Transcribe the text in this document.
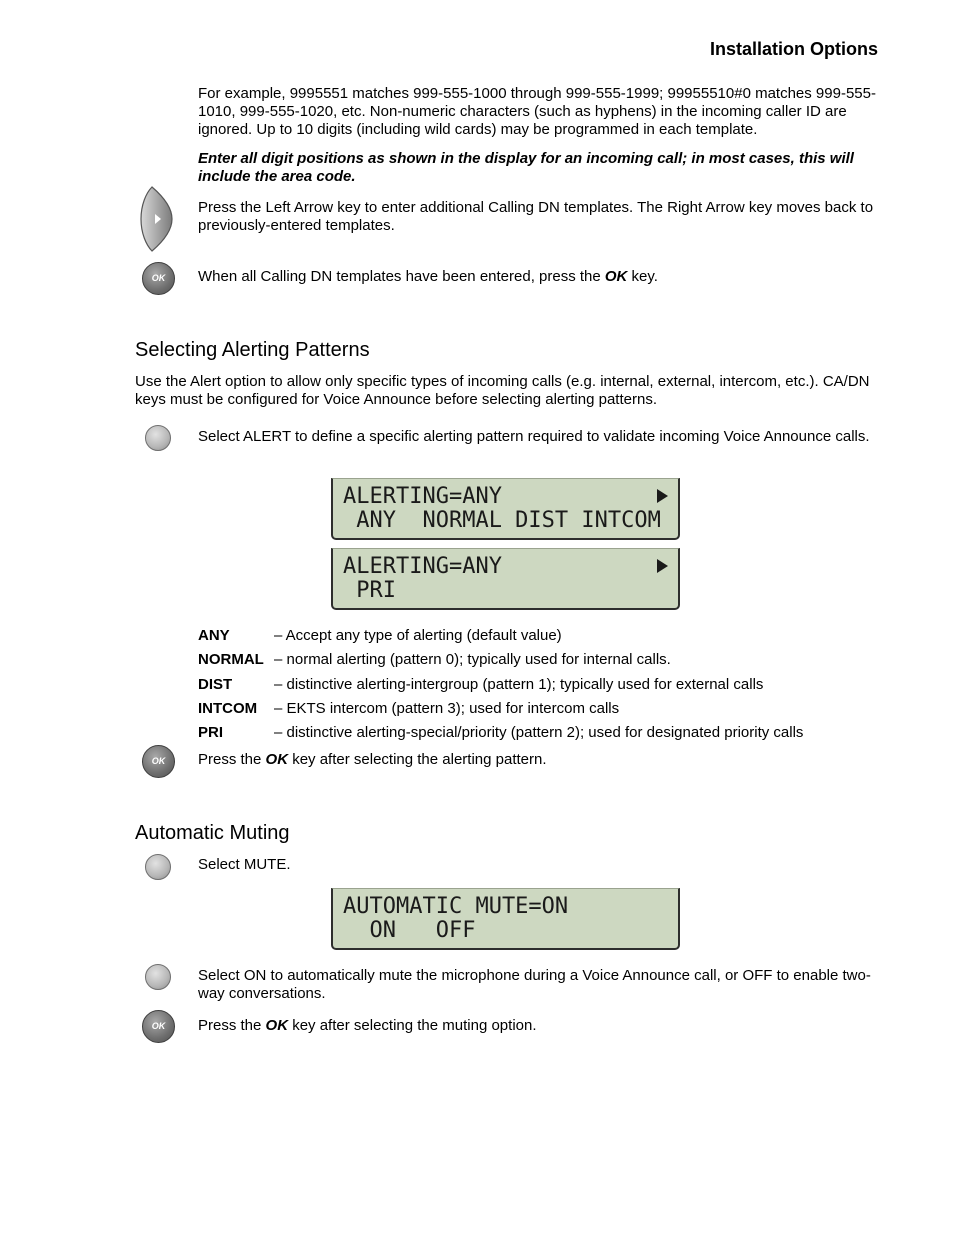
Installation Options
For example, 9995551 matches 999-555-1000 through 999-555-1999; 99955510#0 matches 999-555-1010, 999-555-1020, etc. Non-numeric characters (such as hyphens) in the incoming caller ID are ignored. Up to 10 digits (including wild cards) may be programmed in each template.
Enter all digit positions as shown in the display for an incoming call; in most cases, this will include the area code.
Press the Left Arrow key to enter additional Calling DN templates. The Right Arrow key moves back to previously-entered templates.
OK	When all Calling DN templates have been entered, press the OK key.
Selecting Alerting Patterns
Use the Alert option to allow only specific types of incoming calls (e.g. internal, external, intercom, etc.). CA/DN keys must be configured for Voice Announce before selecting alerting patterns.
Select ALERT to define a specific alerting pattern required to validate incoming Voice Announce calls.
ALERTING=ANY
ANY  NORMAL DIST INTCOM
ALERTING=ANY
PRI
ANY	– Accept any type of alerting (default value)
NORMAL – normal alerting (pattern 0); typically used for internal calls.
DIST	– distinctive alerting-intergroup (pattern 1); typically used for external calls
INTCOM – EKTS intercom (pattern 3); used for intercom calls
PRI	– distinctive alerting-special/priority (pattern 2); used for designated priority calls
OK	Press the OK key after selecting the alerting pattern.
Automatic Muting
Select MUTE.
AUTOMATIC MUTE=ON
ON   OFF
Select ON to automatically mute the microphone during a Voice Announce call, or OFF to enable two-way conversations.
OK	Press the OK key after selecting the muting option.
